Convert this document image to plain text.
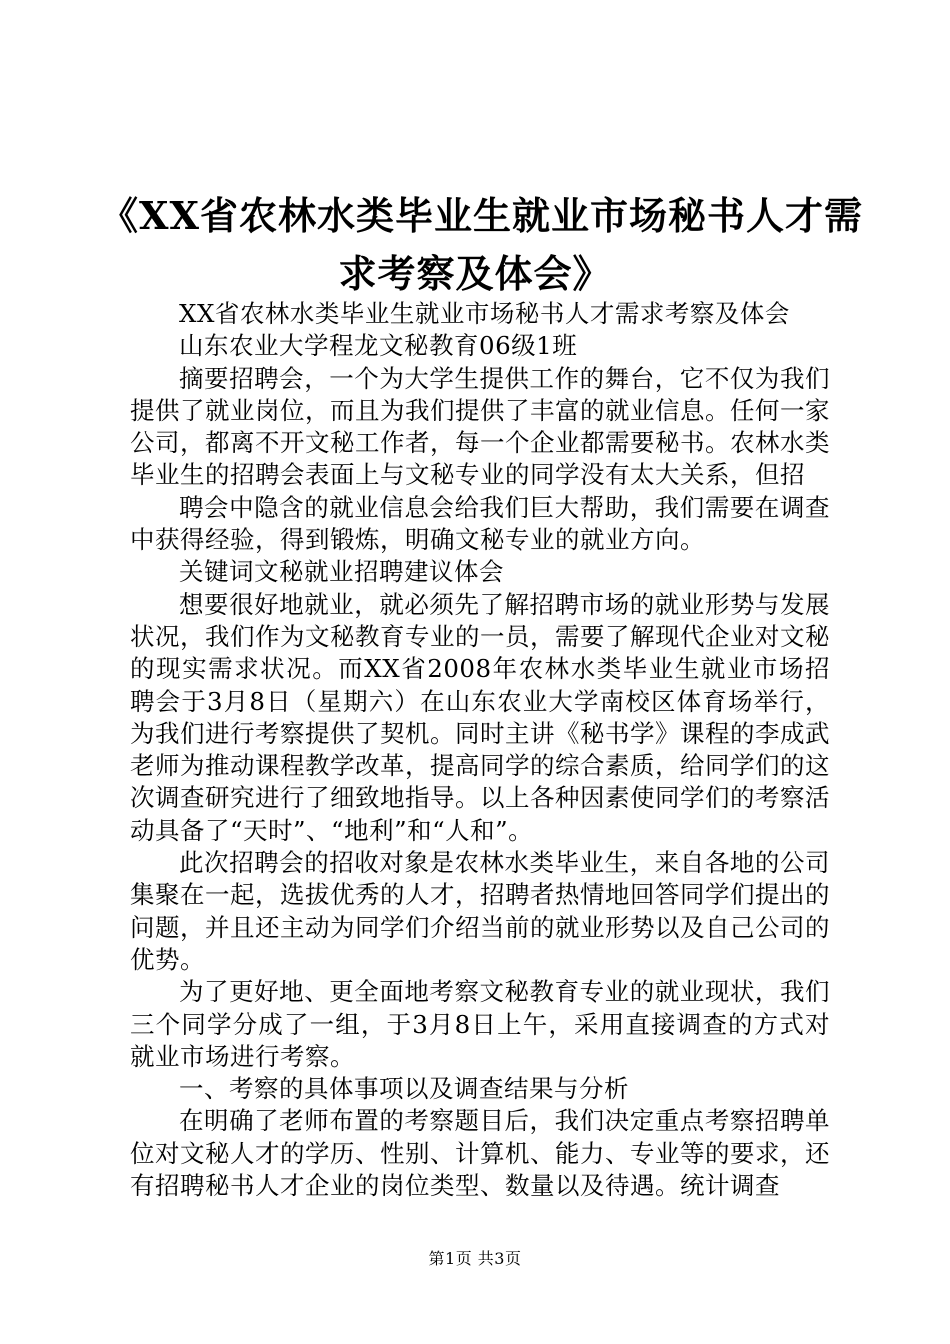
《XX省农林水类毕业生就业市场秘书人才需
求考察及体会》

XX省农林水类毕业生就业市场秘书人才需求考察及体会

山东农业大学程龙文秘教育06级1班

摘要招聘会，一个为大学生提供工作的舞台，它不仅为我们提供了就业岗位，而且为我们提供了丰富的就业信息。任何一家公司，都离不开文秘工作者，每一个企业都需要秘书。农林水类毕业生的招聘会表面上与文秘专业的同学没有太大关系，但招

聘会中隐含的就业信息会给我们巨大帮助，我们需要在调查中获得经验，得到锻炼，明确文秘专业的就业方向。

关键词文秘就业招聘建议体会

想要很好地就业，就必须先了解招聘市场的就业形势与发展状况，我们作为文秘教育专业的一员，需要了解现代企业对文秘的现实需求状况。而XX省2008年农林水类毕业生就业市场招聘会于3月8日（星期六）在山东农业大学南校区体育场举行，为我们进行考察提供了契机。同时主讲《秘书学》课程的李成武老师为推动课程教学改革，提高同学的综合素质，给同学们的这次调查研究进行了细致地指导。以上各种因素使同学们的考察活动具备了“天时”、“地利”和“人和”。

此次招聘会的招收对象是农林水类毕业生，来自各地的公司集聚在一起，选拔优秀的人才，招聘者热情地回答同学们提出的问题，并且还主动为同学们介绍当前的就业形势以及自己公司的优势。

为了更好地、更全面地考察文秘教育专业的就业现状，我们三个同学分成了一组，于3月8日上午，采用直接调查的方式对就业市场进行考察。

一、考察的具体事项以及调查结果与分析

在明确了老师布置的考察题目后，我们决定重点考察招聘单位对文秘人才的学历、性别、计算机、能力、专业等的要求，还有招聘秘书人才企业的岗位类型、数量以及待遇。统计调查

第1页 共3页
